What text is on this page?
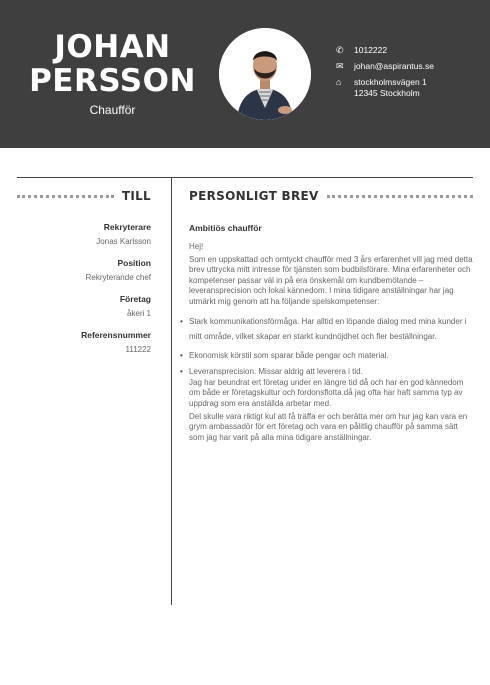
JOHAN
PERSSON
Chaufför
✆	1012222
✉	johan@aspirantus.se
⌂	stockholmsvägen 1
12345 Stockholm
TILL
Rekryterare
Jonas Karlsson
Position
Rekryterande chef
Företag
åkeri 1
Referensnummer
111222
PERSONLIGT BREV
Ambitiös chaufför
Hej!
Som en uppskattad och omtyckt chaufför med 3 års erfarenhet vill jag med detta brev uttrycka mitt intresse för tjänsten som budbilsförare. Mina erfarenheter och kompetenser passar väl in på era önskemål om kundbemötande – leveransprecision och lokal kännedom. I mina tidigare anställningar har jag utmärkt mig genom att ha följande spelskompetenser:
• Stark kommunikationsförmåga. Har alltid en löpande dialog med mina kunder i mitt område, vilket skapar en starkt kundnöjdhet och fler beställningar.
• Ekonomisk körstil som sparar både pengar och material.
• Leveransprecision. Missar aldrig att leverera i tid.
Jag har beundrat ert företag under en längre tid då och har en god kännedom om både er företagskultur och fordonsflotta då jag ofta har haft samma typ av uppdrag som era anställda arbetar med.
Del skulle vara riktigt kul att få träffa er och berätta mer om hur jag kan vara en grym ambassadör för ert företag och vara en pålitlig chaufför på samma sätt som jag har varit på alla mina tidigare anställningar.
